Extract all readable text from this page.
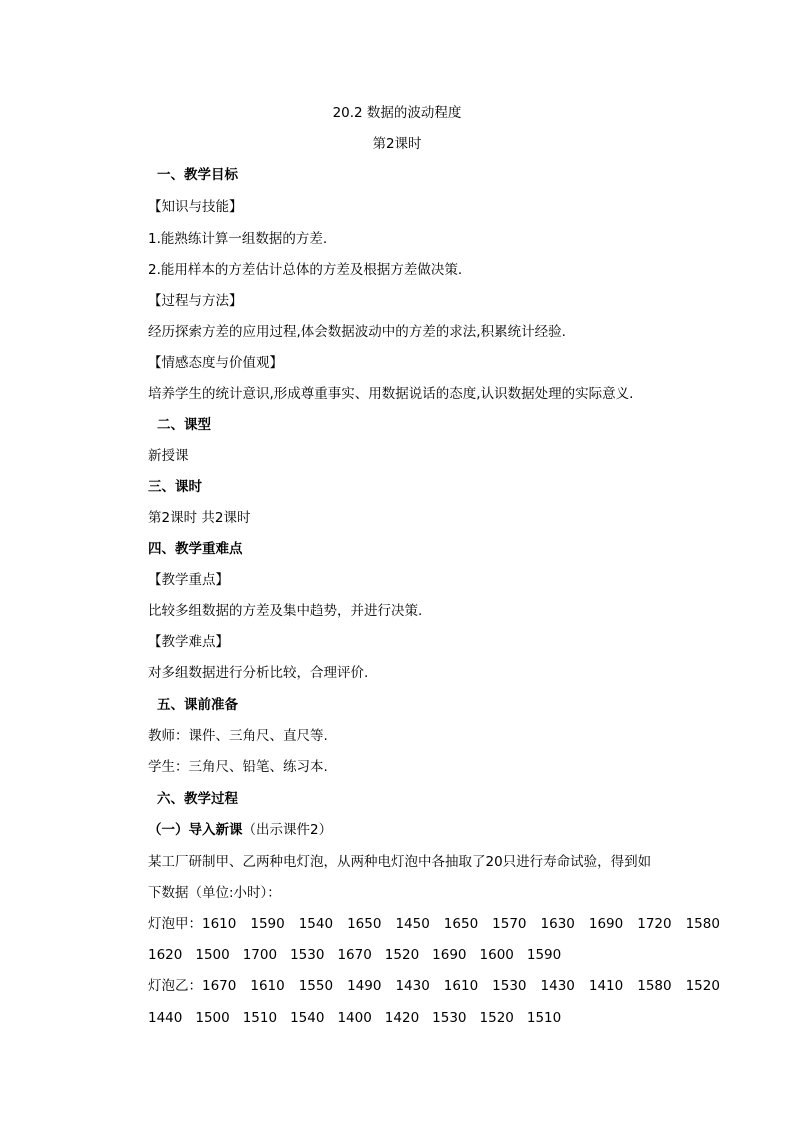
20.2 数据的波动程度
第2课时
一、教学目标
【知识与技能】
1.能熟练计算一组数据的方差.
2.能用样本的方差估计总体的方差及根据方差做决策.
【过程与方法】
经历探索方差的应用过程,体会数据波动中的方差的求法,积累统计经验.
【情感态度与价值观】
培养学生的统计意识,形成尊重事实、用数据说话的态度,认识数据处理的实际意义.
二、课型
新授课
三、课时
第2课时 共2课时
四、教学重难点
【教学重点】
比较多组数据的方差及集中趋势，并进行决策.
【教学难点】
对多组数据进行分析比较，合理评价.
五、课前准备
教师：课件、三角尺、直尺等.
学生：三角尺、铅笔、练习本.
六、教学过程
（一）导入新课（出示课件2）
某工厂研制甲、乙两种电灯泡，从两种电灯泡中各抽取了20只进行寿命试验，得到如
下数据（单位:小时）：
灯泡甲：1610 1590 1540 1650 1450 1650 1570 1630 1690 1720 1580
1620 1500 1700 1530 1670 1520 1690 1600 1590
灯泡乙：1670 1610 1550 1490 1430 1610 1530 1430 1410 1580 1520
1440 1500 1510 1540 1400 1420 1530 1520 1510
